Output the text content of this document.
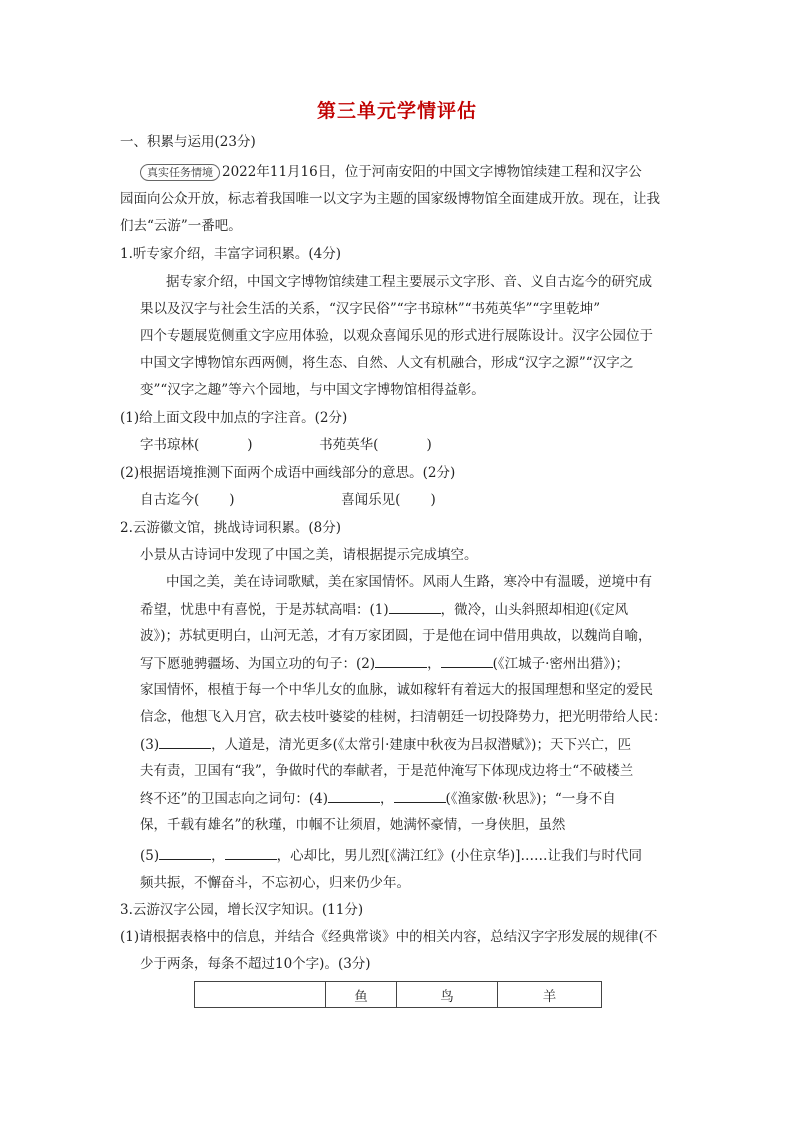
第三单元学情评估
一、积累与运用(23分)
真实任务情境 2022年11月16日，位于河南安阳的中国文字博物馆续建工程和汉字公
园面向公众开放，标志着我国唯一以文字为主题的国家级博物馆全面建成开放。现在，让我
们去“云游”一番吧。
1.听专家介绍，丰富字词积累。(4分)
据专家介绍，中国文字博物馆续建工程主要展示文字形、音、义自古迄今的研究成
果以及汉字与社会生活的关系，“汉字民俗”“字书琼林”“书苑英华”“字里乾坤”
四个专题展览侧重文字应用体验，以观众喜闻乐见的形式进行展陈设计。汉字公园位于
中国文字博物馆东西两侧，将生态、自然、人文有机融合，形成“汉字之源”“汉字之
变”“汉字之趣”等六个园地，与中国文字博物馆相得益彰。
(1)给上面文段中加点的字注音。(2分)
字书琼林(	)	书苑英华(	)
(2)根据语境推测下面两个成语中画线部分的意思。(2分)
自古迄今( )	喜闻乐见( )
2.云游徽文馆，挑战诗词积累。(8分)
小景从古诗词中发现了中国之美，请根据提示完成填空。
中国之美，美在诗词歌赋，美在家国情怀。风雨人生路，寒冷中有温暖，逆境中有
希望，忧患中有喜悦，于是苏轼高唱：(1)	，微冷，山头斜照却相迎(《定风
波》)；苏轼更明白，山河无恙，才有万家团圆，于是他在词中借用典故，以魏尚自喻，
写下愿驰骋疆场、为国立功的句子：(2)	，	(《江城子·密州出猎》)；
家国情怀，根植于每一个中华儿女的血脉，诚如稼轩有着远大的报国理想和坚定的爱民
信念，他想飞入月宫，砍去枝叶婆娑的桂树，扫清朝廷一切投降势力，把光明带给人民：
(3)	，人道是，清光更多(《太常引·建康中秋夜为吕叔潜赋》)；天下兴亡，匹
夫有责，卫国有“我”，争做时代的奉献者，于是范仲淹写下体现戍边将士“不破楼兰
终不还”的卫国志向之词句：(4)	，	(《渔家傲·秋思》)；“一身不自
保，千载有雄名”的秋瑾，巾帼不让须眉，她满怀豪情，一身侠胆，虽然
(5)	，	，心却比，男儿烈[《满江红》(小住京华)]……让我们与时代同
频共振，不懈奋斗，不忘初心，归来仍少年。
3.云游汉字公园，增长汉字知识。(11分)
(1)请根据表格中的信息，并结合《经典常谈》中的相关内容，总结汉字字形发展的规律(不
少于两条，每条不超过10个字)。(3分)
	鱼	鸟	羊
